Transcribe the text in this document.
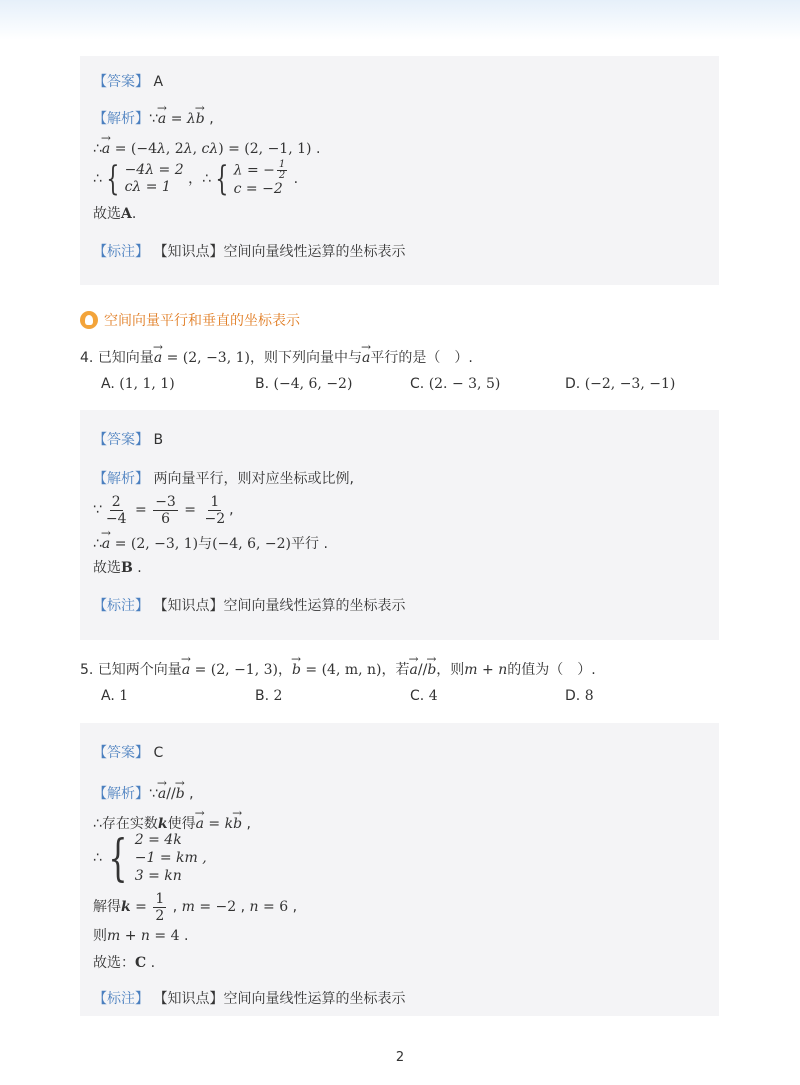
【答案】 A
【解析】∵→ a = λ→ b ,
∴→ a = (−4λ, 2λ, cλ) = (2, −1, 1) .
∴ { −4λ = 2
cλ = 1 ，∴ { λ = − $\frac{1}{2}$
c = −2
.
故选A.
【标注】 【知识点】空间向量线性运算的坐标表示
空间向量平行和垂直的坐标表示
4. 已知向量→ a = (2, −3, 1)，则下列向量中与→ a平行的是（　）.
A. (1, 1, 1)	B. (−4, 6, −2)	C. (2. − 3, 5)	D. (−2, −3, −1)
【答案】 B
【解析】 两向量平行，则对应坐标或比例,
∵ $\frac{2}{-4} = \frac{-3}{6} = \frac{1}{-2}$ ,
∴→ a = (2, −3, 1)与(−4, 6, −2)平行 .
故选B .
【标注】 【知识点】空间向量线性运算的坐标表示
5. 已知两个向量→ a = (2, −1, 3)，→ b = (4, m, n)，若→ a//→ b，则m + n的值为（　）.
A. 1	B. 2	C. 4	D. 8
【答案】 C
【解析】∵→ a//→ b ,
∴存在实数k使得→ a = k→ b ,
∴ { 2 = 4k
−1 = km ,
3 = kn
解得$k = \frac{1}{2}$ , m = −2 , n = 6 ,
则m + n = 4 .
故选：C .
【标注】 【知识点】空间向量线性运算的坐标表示
2
